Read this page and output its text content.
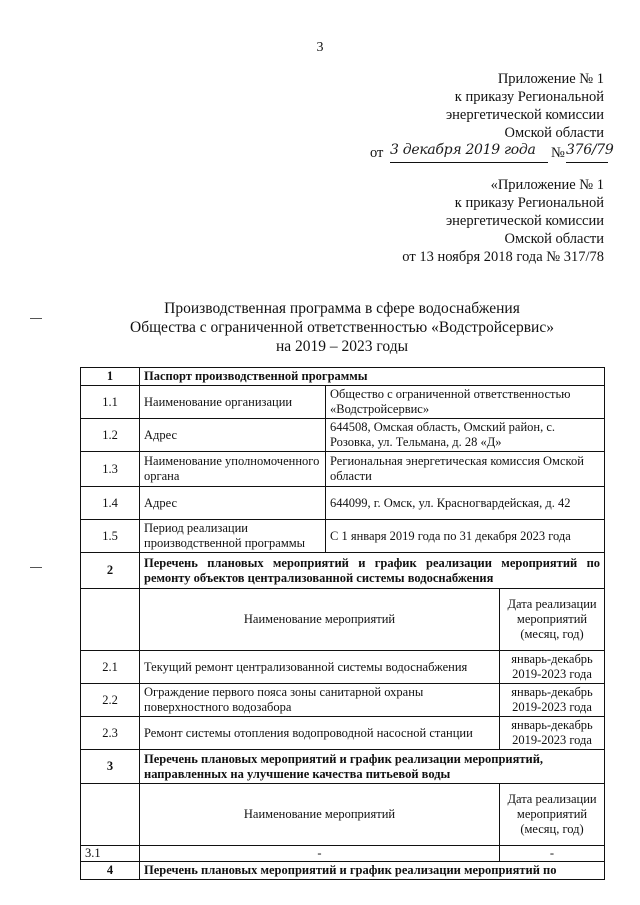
3
Приложение № 1
к приказу Региональной
энергетической комиссии
Омской области
от 3 декабря 2019 года № 376/79
«Приложение № 1
к приказу Региональной
энергетической комиссии
Омской области
от 13 ноября 2018 года № 317/78
Производственная программа в сфере водоснабжения
Общества с ограниченной ответственностью «Водстройсервис»
на 2019 – 2023 годы
1	Паспорт производственной программы		
1.1	Наименование организации	Общество с ограниченной ответственностью «Водстройсервис»	
1.2	Адрес	644508, Омская область, Омский район, с. Розовка, ул. Тельмана, д. 28 «Д»	
1.3	Наименование уполномоченного органа	Региональная энергетическая комиссия Омской области	
1.4	Адрес	644099, г. Омск, ул. Красногвардейская, д. 42	
1.5	Период реализации производственной программы	С 1 января 2019 года по 31 декабря 2023 года	
2	Перечень плановых мероприятий и график реализации мероприятий по ремонту объектов централизованной системы водоснабжения		
	Наименование мероприятий		Дата реализации мероприятий (месяц, год)
2.1	Текущий ремонт централизованной системы водоснабжения		январь-декабрь 2019-2023 года
2.2	Ограждение первого пояса зоны санитарной охраны поверхностного водозабора		январь-декабрь 2019-2023 года
2.3	Ремонт системы отопления водопроводной насосной станции		январь-декабрь 2019-2023 года
3	Перечень плановых мероприятий и график реализации мероприятий, направленных на улучшение качества питьевой воды		
	Наименование мероприятий		Дата реализации мероприятий (месяц, год)
3.1	-		-
4	Перечень плановых мероприятий и график реализации мероприятий по		
